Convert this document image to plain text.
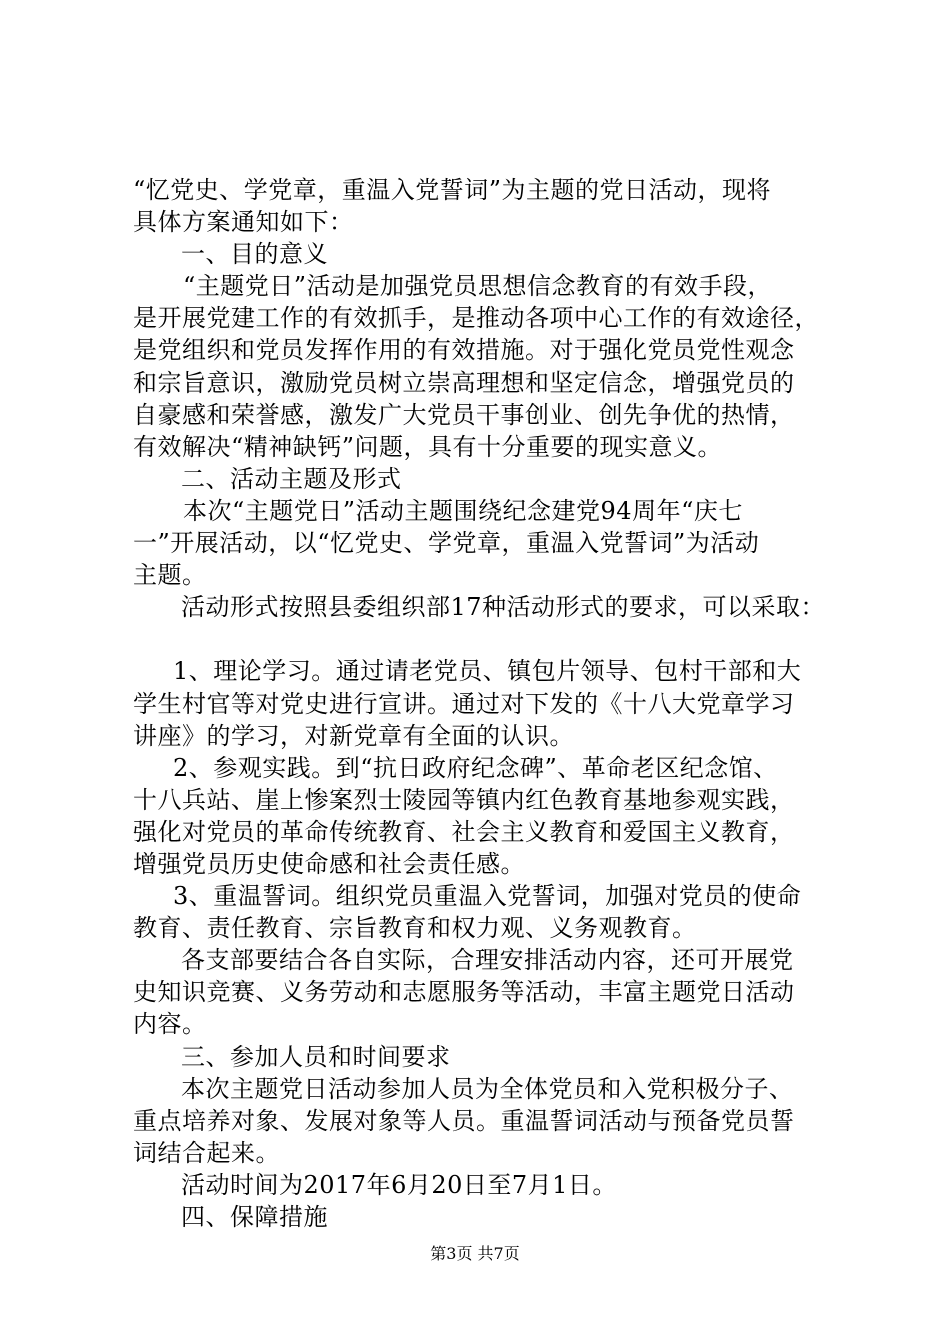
“忆党史、学党章，重温入党誓词”为主题的党日活动，现将
具体方案通知如下：
一、目的意义
“主题党日”活动是加强党员思想信念教育的有效手段，
是开展党建工作的有效抓手，是推动各项中心工作的有效途径，
是党组织和党员发挥作用的有效措施。对于强化党员党性观念
和宗旨意识，激励党员树立崇高理想和坚定信念，增强党员的
自豪感和荣誉感，激发广大党员干事创业、创先争优的热情，
有效解决“精神缺钙”问题，具有十分重要的现实意义。
二、活动主题及形式
本次“主题党日”活动主题围绕纪念建党94周年“庆七
一”开展活动，以“忆党史、学党章，重温入党誓词”为活动
主题。
活动形式按照县委组织部17种活动形式的要求，可以采取：
1、理论学习。通过请老党员、镇包片领导、包村干部和大
学生村官等对党史进行宣讲。通过对下发的《十八大党章学习
讲座》的学习，对新党章有全面的认识。
2、参观实践。到“抗日政府纪念碑”、革命老区纪念馆、
十八兵站、崖上惨案烈士陵园等镇内红色教育基地参观实践，
强化对党员的革命传统教育、社会主义教育和爱国主义教育，
增强党员历史使命感和社会责任感。
3、重温誓词。组织党员重温入党誓词，加强对党员的使命
教育、责任教育、宗旨教育和权力观、义务观教育。
各支部要结合各自实际，合理安排活动内容，还可开展党
史知识竞赛、义务劳动和志愿服务等活动，丰富主题党日活动
内容。
三、参加人员和时间要求
本次主题党日活动参加人员为全体党员和入党积极分子、
重点培养对象、发展对象等人员。重温誓词活动与预备党员誓
词结合起来。
活动时间为2017年6月20日至7月1日。
四、保障措施
第3页 共7页
